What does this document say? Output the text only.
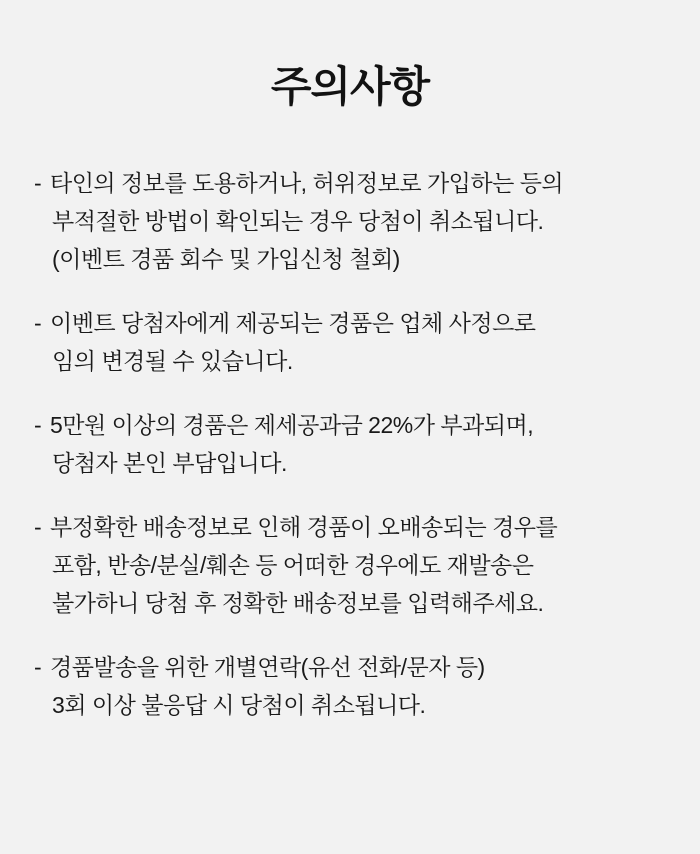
주의사항
- 타인의 정보를 도용하거나, 허위정보로 가입하는 등의
부적절한 방법이 확인되는 경우 당첨이 취소됩니다.
(이벤트 경품 회수 및 가입신청 철회)
- 이벤트 당첨자에게 제공되는 경품은 업체 사정으로
임의 변경될 수 있습니다.
- 5만원 이상의 경품은 제세공과금 22%가 부과되며,
당첨자 본인 부담입니다.
- 부정확한 배송정보로 인해 경품이 오배송되는 경우를
포함, 반송/분실/훼손 등 어떠한 경우에도 재발송은
불가하니 당첨 후 정확한 배송정보를 입력해주세요.
- 경품발송을 위한 개별연락(유선 전화/문자 등)
3회 이상 불응답 시 당첨이 취소됩니다.
